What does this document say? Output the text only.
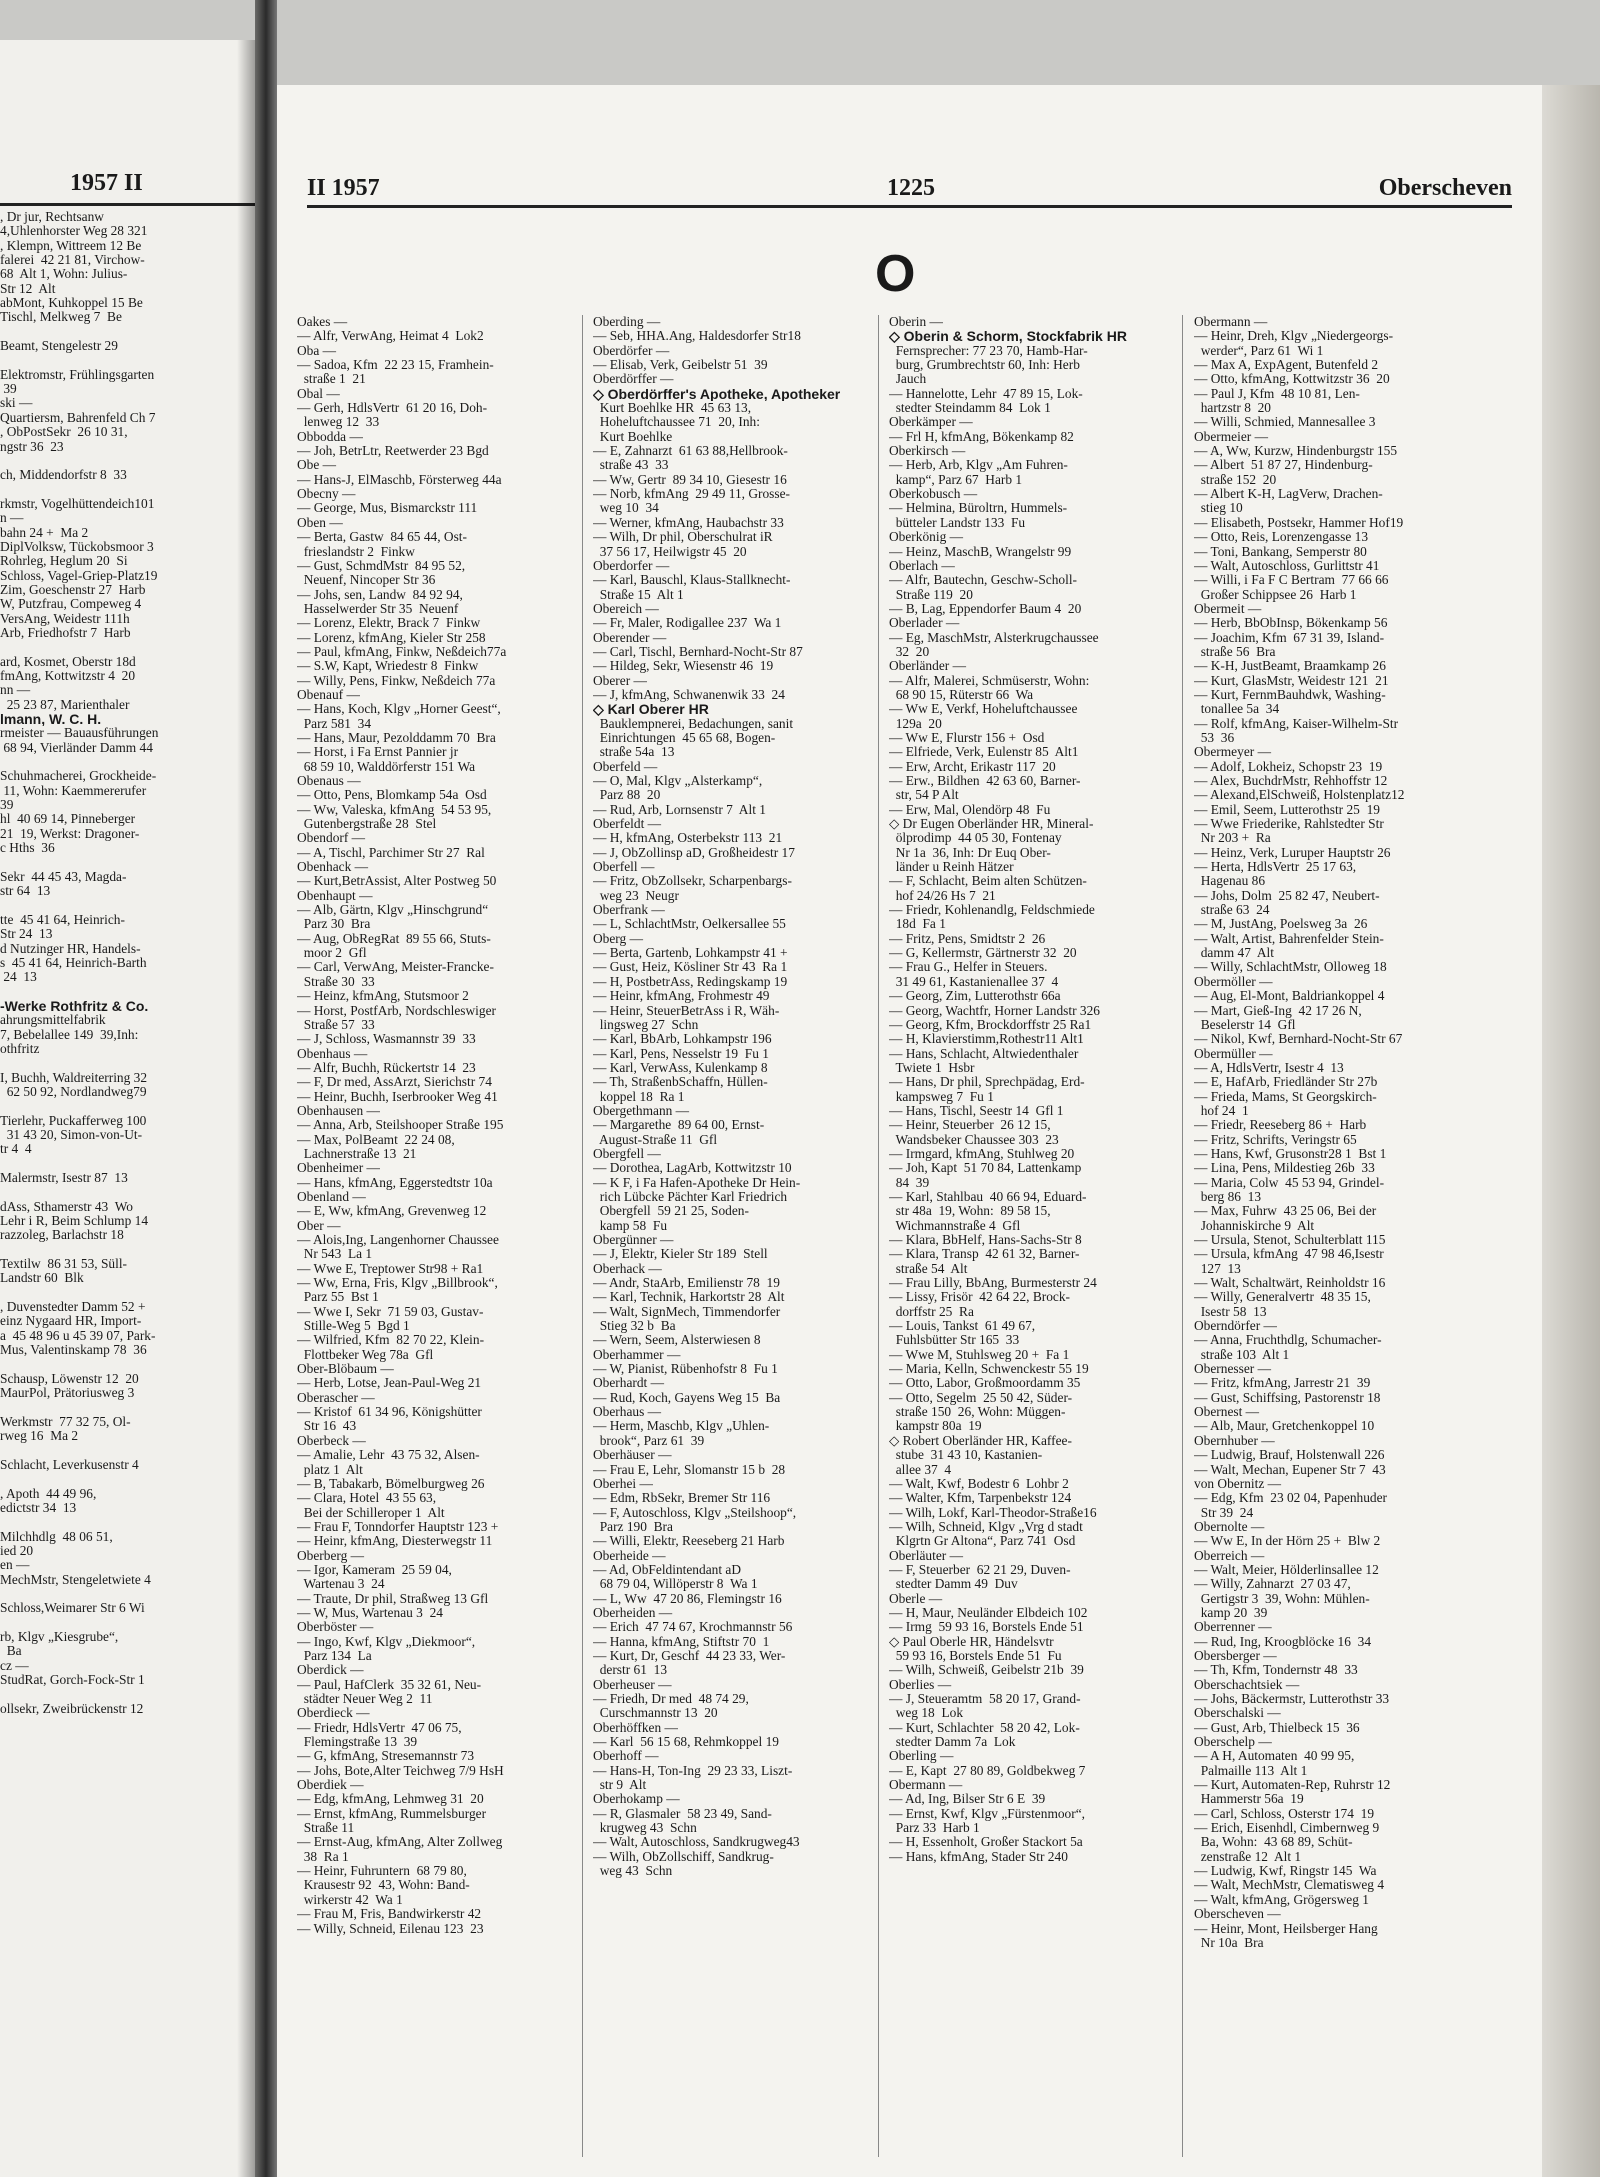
1957 II
, Dr jur, Rechtsanw
4,Uhlenhorster Weg 28 321
, Klempn, Wittreem 12 Be
falerei  42 21 81, Virchow-
68  Alt 1, Wohn: Julius-
Str 12  Alt
abMont, Kuhkoppel 15 Be
Tischl, Melkweg 7  Be

Beamt, Stengelestr 29

Elektromstr, Frühlingsgarten
39
ski —
Quartiersm, Bahrenfeld Ch 7
, ObPostSekr  26 10 31,
ngstr 36  23

ch, Middendorfstr 8  33

rkmstr, Vogelhüttendeich101
n —
bahn 24 +  Ma 2
DiplVolksw, Tückobsmoor 3
Rohrleg, Heglum 20  Si
Schloss, Vagel-Griep-Platz19
Zim, Goeschenstr 27  Harb
W, Putzfrau, Compeweg 4
VersAng, Weidestr 111h
Arb, Friedhofstr 7  Harb

ard, Kosmet, Oberstr 18d
fmAng, Kottwitzstr 4  20
nn —
25 23 87, Marienthaler
lmann, W. C. H.
rmeister — Bauausführungen
68 94, Vierländer Damm 44

Schuhmacherei, Grockheide-
11, Wohn: Kaemmererufer
39
hl  40 69 14, Pinneberger
21  19, Werkst: Dragoner-
c Hths  36

Sekr  44 45 43, Magda-
str 64  13

tte  45 41 64, Heinrich-
Str 24  13
d Nutzinger HR, Handels-
s  45 41 64, Heinrich-Barth
24  13

-Werke Rothfritz & Co.
ahrungsmittelfabrik
7, Bebelallee 149  39,Inh:
othfritz

I, Buchh, Waldreiterring 32
62 50 92, Nordlandweg79

Tierlehr, Puckafferweg 100
31 43 20, Simon-von-Ut-
tr 4  4

Malermstr, Isestr 87  13

dAss, Sthamerstr 43  Wo
Lehr i R, Beim Schlump 14
razzoleg, Barlachstr 18

Textilw  86 31 53, Süll-
Landstr 60  Blk

, Duvenstedter Damm 52 +
einz Nygaard HR, Import-
a  45 48 96 u 45 39 07, Park-
Mus, Valentinskamp 78  36

Schausp, Löwenstr 12  20
MaurPol, Prätoriusweg 3

Werkmstr  77 32 75, Ol-
rweg 16  Ma 2

Schlacht, Leverkusenstr 4

, Apoth  44 49 96,
edictstr 34  13

Milchhdlg  48 06 51,
ied 20
en —
MechMstr, Stengeletwiete 4

Schloss,Weimarer Str 6 Wi

rb, Klgv „Kiesgrube“,
Ba
cz —
StudRat, Gorch-Fock-Str 1

ollsekr, Zweibrückenstr 12
II 1957	1225	Oberscheven
O
Oakes —
— Alfr, VerwAng, Heimat 4  Lok2
Oba —
— Sadoa, Kfm  22 23 15, Framhein-
straße 1  21
Obal —
— Gerh, HdlsVertr  61 20 16, Doh-
lenweg 12  33
Obbodda —
— Joh, BetrLtr, Reetwerder 23 Bgd
Obe —
— Hans-J, ElMaschb, Försterweg 44a
Obecny —
— George, Mus, Bismarckstr 111
Oben —
— Berta, Gastw  84 65 44, Ost-
frieslandstr 2  Finkw
— Gust, SchmdMstr  84 95 52,
Neuenf, Nincoper Str 36
— Johs, sen, Landw  84 92 94,
Hasselwerder Str 35  Neuenf
— Lorenz, Elektr, Brack 7  Finkw
— Lorenz, kfmAng, Kieler Str 258
— Paul, kfmAng, Finkw, Neßdeich77a
— S.W, Kapt, Wriedestr 8  Finkw
— Willy, Pens, Finkw, Neßdeich 77a
Obenauf —
— Hans, Koch, Klgv „Horner Geest“,
Parz 581  34
— Hans, Maur, Pezolddamm 70  Bra
— Horst, i Fa Ernst Pannier jr
68 59 10, Walddörferstr 151 Wa
Obenaus —
— Otto, Pens, Blomkamp 54a  Osd
— Ww, Valeska, kfmAng  54 53 95,
Gutenbergstraße 28  Stel
Obendorf —
— A, Tischl, Parchimer Str 27  Ral
Obenhack —
— Kurt,BetrAssist, Alter Postweg 50
Obenhaupt —
— Alb, Gärtn, Klgv „Hinschgrund“
Parz 30  Bra
— Aug, ObRegRat  89 55 66, Stuts-
moor 2  Gfl
— Carl, VerwAng, Meister-Francke-
Straße 30  33
— Heinz, kfmAng, Stutsmoor 2
— Horst, PostfArb, Nordschleswiger
Straße 57  33
— J, Schloss, Wasmannstr 39  33
Obenhaus —
— Alfr, Buchh, Rückertstr 14  23
— F, Dr med, AssArzt, Sierichstr 74
— Heinr, Buchh, Iserbrooker Weg 41
Obenhausen —
— Anna, Arb, Steilshooper Straße 195
— Max, PolBeamt  22 24 08,
Lachnerstraße 13  21
Obenheimer —
— Hans, kfmAng, Eggerstedtstr 10a
Obenland —
— E, Ww, kfmAng, Grevenweg 12
Ober —
— Alois,Ing, Langenhorner Chaussee
Nr 543  La 1
— Wwe E, Treptower Str98 + Ra1
— Ww, Erna, Fris, Klgv „Billbrook“,
Parz 55  Bst 1
— Wwe I, Sekr  71 59 03, Gustav-
Stille-Weg 5  Bgd 1
— Wilfried, Kfm  82 70 22, Klein-
Flottbeker Weg 78a  Gfl
Ober-Blöbaum —
— Herb, Lotse, Jean-Paul-Weg 21
Oberascher —
— Kristof  61 34 96, Königshütter
Str 16  43
Oberbeck —
— Amalie, Lehr  43 75 32, Alsen-
platz 1  Alt
— B, Tabakarb, Bömelburgweg 26
— Clara, Hotel  43 55 63,
Bei der Schilleroper 1  Alt
— Frau F, Tonndorfer Hauptstr 123 +
— Heinr, kfmAng, Diesterwegstr 11
Oberberg —
— Igor, Kameram  25 59 04,
Wartenau 3  24
— Traute, Dr phil, Straßweg 13 Gfl
— W, Mus, Wartenau 3  24
Oberböster —
— Ingo, Kwf, Klgv „Diekmoor“,
Parz 134  La
Oberdick —
— Paul, HafClerk  35 32 61, Neu-
städter Neuer Weg 2  11
Oberdieck —
— Friedr, HdlsVertr  47 06 75,
Flemingstraße 13  39
— G, kfmAng, Stresemannstr 73
— Johs, Bote,Alter Teichweg 7/9 HsH
Oberdiek —
— Edg, kfmAng, Lehmweg 31  20
— Ernst, kfmAng, Rummelsburger
Straße 11
— Ernst-Aug, kfmAng, Alter Zollweg
38  Ra 1
— Heinr, Fuhruntern  68 79 80,
Krausestr 92  43, Wohn: Band-
wirkerstr 42  Wa 1
— Frau M, Fris, Bandwirkerstr 42
— Willy, Schneid, Eilenau 123  23
Oberding —
— Seb, HHA.Ang, Haldesdorfer Str18
Oberdörfer —
— Elisab, Verk, Geibelstr 51  39
Oberdörffer —
◇ Oberdörffer's Apotheke, Apotheker
Kurt Boehlke HR  45 63 13,
Hoheluftchaussee 71  20, Inh:
Kurt Boehlke
— E, Zahnarzt  61 63 88,Hellbrook-
straße 43  33
— Ww, Gertr  89 34 10, Giesestr 16
— Norb, kfmAng  29 49 11, Grosse-
weg 10  34
— Werner, kfmAng, Haubachstr 33
— Wilh, Dr phil, Oberschulrat iR
37 56 17, Heilwigstr 45  20
Oberdorfer —
— Karl, Bauschl, Klaus-Stallknecht-
Straße 15  Alt 1
Obereich —
— Fr, Maler, Rodigallee 237  Wa 1
Oberender —
— Carl, Tischl, Bernhard-Nocht-Str 87
— Hildeg, Sekr, Wiesenstr 46  19
Oberer —
— J, kfmAng, Schwanenwik 33  24
◇ Karl Oberer HR
Bauklempnerei, Bedachungen, sanit
Einrichtungen  45 65 68, Bogen-
straße 54a  13
Oberfeld —
— O, Mal, Klgv „Alsterkamp“,
Parz 88  20
— Rud, Arb, Lornsenstr 7  Alt 1
Oberfeldt —
— H, kfmAng, Osterbekstr 113  21
— J, ObZollinsp aD, Großheidestr 17
Oberfell —
— Fritz, ObZollsekr, Scharpenbargs-
weg 23  Neugr
Oberfrank —
— L, SchlachtMstr, Oelkersallee 55
Oberg —
— Berta, Gartenb, Lohkampstr 41 +
— Gust, Heiz, Kösliner Str 43  Ra 1
— H, PostbetrAss, Redingskamp 19
— Heinr, kfmAng, Frohmestr 49
— Heinr, SteuerBetrAss i R, Wäh-
lingsweg 27  Schn
— Karl, BbArb, Lohkampstr 196
— Karl, Pens, Nesselstr 19  Fu 1
— Karl, VerwAss, Kulenkamp 8
— Th, StraßenbSchaffn, Hüllen-
koppel 18  Ra 1
Obergethmann —
— Margarethe  89 64 00, Ernst-
August-Straße 11  Gfl
Obergfell —
— Dorothea, LagArb, Kottwitzstr 10
— K F, i Fa Hafen-Apotheke Dr Hein-
rich Lübcke Pächter Karl Friedrich
Obergfell  59 21 25, Soden-
kamp 58  Fu
Obergünner —
— J, Elektr, Kieler Str 189  Stell
Oberhack —
— Andr, StaArb, Emilienstr 78  19
— Karl, Technik, Harkortstr 28  Alt
— Walt, SignMech, Timmendorfer
Stieg 32 b  Ba
— Wern, Seem, Alsterwiesen 8
Oberhammer —
— W, Pianist, Rübenhofstr 8  Fu 1
Oberhardt —
— Rud, Koch, Gayens Weg 15  Ba
Oberhaus —
— Herm, Maschb, Klgv „Uhlen-
brook“, Parz 61  39
Oberhäuser —
— Frau E, Lehr, Slomanstr 15 b  28
Oberhei —
— Edm, RbSekr, Bremer Str 116
— F, Autoschloss, Klgv „Steilshoop“,
Parz 190  Bra
— Willi, Elektr, Reeseberg 21 Harb
Oberheide —
— Ad, ObFeldintendant aD
68 79 04, Willöperstr 8  Wa 1
— L, Ww  47 20 86, Flemingstr 16
Oberheiden —
— Erich  47 74 67, Krochmannstr 56
— Hanna, kfmAng, Stiftstr 70  1
— Kurt, Dr, Geschf  44 23 33, Wer-
derstr 61  13
Oberheuser —
— Friedh, Dr med  48 74 29,
Curschmannstr 13  20
Oberhöffken —
— Karl  56 15 68, Rehmkoppel 19
Oberhoff —
— Hans-H, Ton-Ing  29 23 33, Liszt-
str 9  Alt
Oberhokamp —
— R, Glasmaler  58 23 49, Sand-
krugweg 43  Schn
— Walt, Autoschloss, Sandkrugweg43
— Wilh, ObZollschiff, Sandkrug-
weg 43  Schn
Oberin —
◇ Oberin & Schorm, Stockfabrik HR
Fernsprecher: 77 23 70, Hamb-Har-
burg, Grumbrechtstr 60, Inh: Herb
Jauch
— Hannelotte, Lehr  47 89 15, Lok-
stedter Steindamm 84  Lok 1
Oberkämper —
— Frl H, kfmAng, Bökenkamp 82
Oberkirsch —
— Herb, Arb, Klgv „Am Fuhren-
kamp“, Parz 67  Harb 1
Oberkobusch —
— Helmina, Büroltrn, Hummels-
bütteler Landstr 133  Fu
Oberkönig —
— Heinz, MaschB, Wrangelstr 99
Oberlach —
— Alfr, Bautechn, Geschw-Scholl-
Straße 119  20
— B, Lag, Eppendorfer Baum 4  20
Oberlader —
— Eg, MaschMstr, Alsterkrugchaussee
32  20
Oberländer —
— Alfr, Malerei, Schmüserstr, Wohn:
68 90 15, Rüterstr 66  Wa
— Ww E, Verkf, Hoheluftchaussee
129a  20
— Ww E, Flurstr 156 +  Osd
— Elfriede, Verk, Eulenstr 85  Alt1
— Erw, Archt, Erikastr 117  20
— Erw., Bildhen  42 63 60, Barner-
str, 54 P Alt
— Erw, Mal, Olendörp 48  Fu
◇ Dr Eugen Oberländer HR, Mineral-
ölprodimp  44 05 30, Fontenay
Nr 1a  36, Inh: Dr Euq Ober-
länder u Reinh Hätzer
— F, Schlacht, Beim alten Schützen-
hof 24/26 Hs 7  21
— Friedr, Kohlenandlg, Feldschmiede
18d  Fa 1
— Fritz, Pens, Smidtstr 2  26
— G, Kellermstr, Gärtnerstr 32  20
— Frau G., Helfer in Steuers.
31 49 61, Kastanienallee 37  4
— Georg, Zim, Lutterothstr 66a
— Georg, Wachtfr, Horner Landstr 326
— Georg, Kfm, Brockdorffstr 25 Ra1
— H, Klavierstimm,Rothestr11 Alt1
— Hans, Schlacht, Altwiedenthaler
Twiete 1  Hsbr
— Hans, Dr phil, Sprechpädag, Erd-
kampsweg 7  Fu 1
— Hans, Tischl, Seestr 14  Gfl 1
— Heinr, Steuerber  26 12 15,
Wandsbeker Chaussee 303  23
— Irmgard, kfmAng, Stuhlweg 20
— Joh, Kapt  51 70 84, Lattenkamp
84  39
— Karl, Stahlbau  40 66 94, Eduard-
str 48a  19, Wohn:  89 58 15,
Wichmannstraße 4  Gfl
— Klara, BbHelf, Hans-Sachs-Str 8
— Klara, Transp  42 61 32, Barner-
straße 54  Alt
— Frau Lilly, BbAng, Burmesterstr 24
— Lissy, Frisör  42 64 22, Brock-
dorffstr 25  Ra
— Louis, Tankst  61 49 67,
Fuhlsbütter Str 165  33
— Wwe M, Stuhlsweg 20 +  Fa 1
— Maria, Kelln, Schwenckestr 55 19
— Otto, Labor, Großmoordamm 35
— Otto, Segelm  25 50 42, Süder-
straße 150  26, Wohn: Müggen-
kampstr 80a  19
◇ Robert Oberländer HR, Kaffee-
stube  31 43 10, Kastanien-
allee 37  4
— Walt, Kwf, Bodestr 6  Lohbr 2
— Walter, Kfm, Tarpenbekstr 124
— Wilh, Lokf, Karl-Theodor-Straße16
— Wilh, Schneid, Klgv „Vrg d stadt
Klgrtn Gr Altona“, Parz 741  Osd
Oberläuter —
— F, Steuerber  62 21 29, Duven-
stedter Damm 49  Duv
Oberle —
— H, Maur, Neuländer Elbdeich 102
— Irmg  59 93 16, Borstels Ende 51
◇ Paul Oberle HR, Händelsvtr
59 93 16, Borstels Ende 51  Fu
— Wilh, Schweiß, Geibelstr 21b  39
Oberlies —
— J, Steueramtm  58 20 17, Grand-
weg 18  Lok
— Kurt, Schlachter  58 20 42, Lok-
stedter Damm 7a  Lok
Oberling —
— E, Kapt  27 80 89, Goldbekweg 7
Obermann —
— Ad, Ing, Bilser Str 6 E  39
— Ernst, Kwf, Klgv „Fürstenmoor“,
Parz 33  Harb 1
— H, Essenholt, Großer Stackort 5a
— Hans, kfmAng, Stader Str 240
Obermann —
— Heinr, Dreh, Klgv „Niedergeorgs-
werder“, Parz 61  Wi 1
— Max A, ExpAgent, Butenfeld 2
— Otto, kfmAng, Kottwitzstr 36  20
— Paul J, Kfm  48 10 81, Len-
hartzstr 8  20
— Willi, Schmied, Mannesallee 3
Obermeier —
— A, Ww, Kurzw, Hindenburgstr 155
— Albert  51 87 27, Hindenburg-
straße 152  20
— Albert K-H, LagVerw, Drachen-
stieg 10
— Elisabeth, Postsekr, Hammer Hof19
— Otto, Reis, Lorenzengasse 13
— Toni, Bankang, Semperstr 80
— Walt, Autoschloss, Gurlittstr 41
— Willi, i Fa F C Bertram  77 66 66
Großer Schippsee 26  Harb 1
Obermeit —
— Herb, BbObInsp, Bökenkamp 56
— Joachim, Kfm  67 31 39, Island-
straße 56  Bra
— K-H, JustBeamt, Braamkamp 26
— Kurt, GlasMstr, Weidestr 121  21
— Kurt, FernmBauhdwk, Washing-
tonallee 5a  34
— Rolf, kfmAng, Kaiser-Wilhelm-Str
53  36
Obermeyer —
— Adolf, Lokheiz, Schopstr 23  19
— Alex, BuchdrMstr, Rehhoffstr 12
— Alexand,ElSchweiß, Holstenplatz12
— Emil, Seem, Lutterothstr 25  19
— Wwe Friederike, Rahlstedter Str
Nr 203 +  Ra
— Heinz, Verk, Luruper Hauptstr 26
— Herta, HdlsVertr  25 17 63,
Hagenau 86
— Johs, Dolm  25 82 47, Neubert-
straße 63  24
— M, JustAng, Poelsweg 3a  26
— Walt, Artist, Bahrenfelder Stein-
damm 47  Alt
— Willy, SchlachtMstr, Olloweg 18
Obermöller —
— Aug, El-Mont, Baldriankoppel 4
— Mart, Gieß-Ing  42 17 26 N,
Beselerstr 14  Gfl
— Nikol, Kwf, Bernhard-Nocht-Str 67
Obermüller —
— A, HdlsVertr, Isestr 4  13
— E, HafArb, Friedländer Str 27b
— Frieda, Mams, St Georgskirch-
hof 24  1
— Friedr, Reeseberg 86 +  Harb
— Fritz, Schrifts, Veringstr 65
— Hans, Kwf, Grusonstr28 1  Bst 1
— Lina, Pens, Mildestieg 26b  33
— Maria, Colw  45 53 94, Grindel-
berg 86  13
— Max, Fuhrw  43 25 06, Bei der
Johanniskirche 9  Alt
— Ursula, Stenot, Schulterblatt 115
— Ursula, kfmAng  47 98 46,Isestr
127  13
— Walt, Schaltwärt, Reinholdstr 16
— Willy, Generalvertr  48 35 15,
Isestr 58  13
Oberndörfer —
— Anna, Fruchthdlg, Schumacher-
straße 103  Alt 1
Obernesser —
— Fritz, kfmAng, Jarrestr 21  39
— Gust, Schiffsing, Pastorenstr 18
Obernest —
— Alb, Maur, Gretchenkoppel 10
Obernhuber —
— Ludwig, Brauf, Holstenwall 226
— Walt, Mechan, Eupener Str 7  43
von Obernitz —
— Edg, Kfm  23 02 04, Papenhuder
Str 39  24
Obernolte —
— Ww E, In der Hörn 25 +  Blw 2
Oberreich —
— Walt, Meier, Hölderlinsallee 12
— Willy, Zahnarzt  27 03 47,
Gertigstr 3  39, Wohn: Mühlen-
kamp 20  39
Oberrenner —
— Rud, Ing, Kroogblöcke 16  34
Obersberger —
— Th, Kfm, Tondernstr 48  33
Oberschachtsiek —
— Johs, Bäckermstr, Lutterothstr 33
Oberschalski —
— Gust, Arb, Thielbeck 15  36
Oberschelp —
— A H, Automaten  40 99 95,
Palmaille 113  Alt 1
— Kurt, Automaten-Rep, Ruhrstr 12
Hammerstr 56a  19
— Carl, Schloss, Osterstr 174  19
— Erich, Eisenhdl, Cimbernweg 9
Ba, Wohn:  43 68 89, Schüt-
zenstraße 12  Alt 1
— Ludwig, Kwf, Ringstr 145  Wa
— Walt, MechMstr, Clematisweg 4
— Walt, kfmAng, Grögersweg 1
Oberscheven —
— Heinr, Mont, Heilsberger Hang
Nr 10a  Bra
